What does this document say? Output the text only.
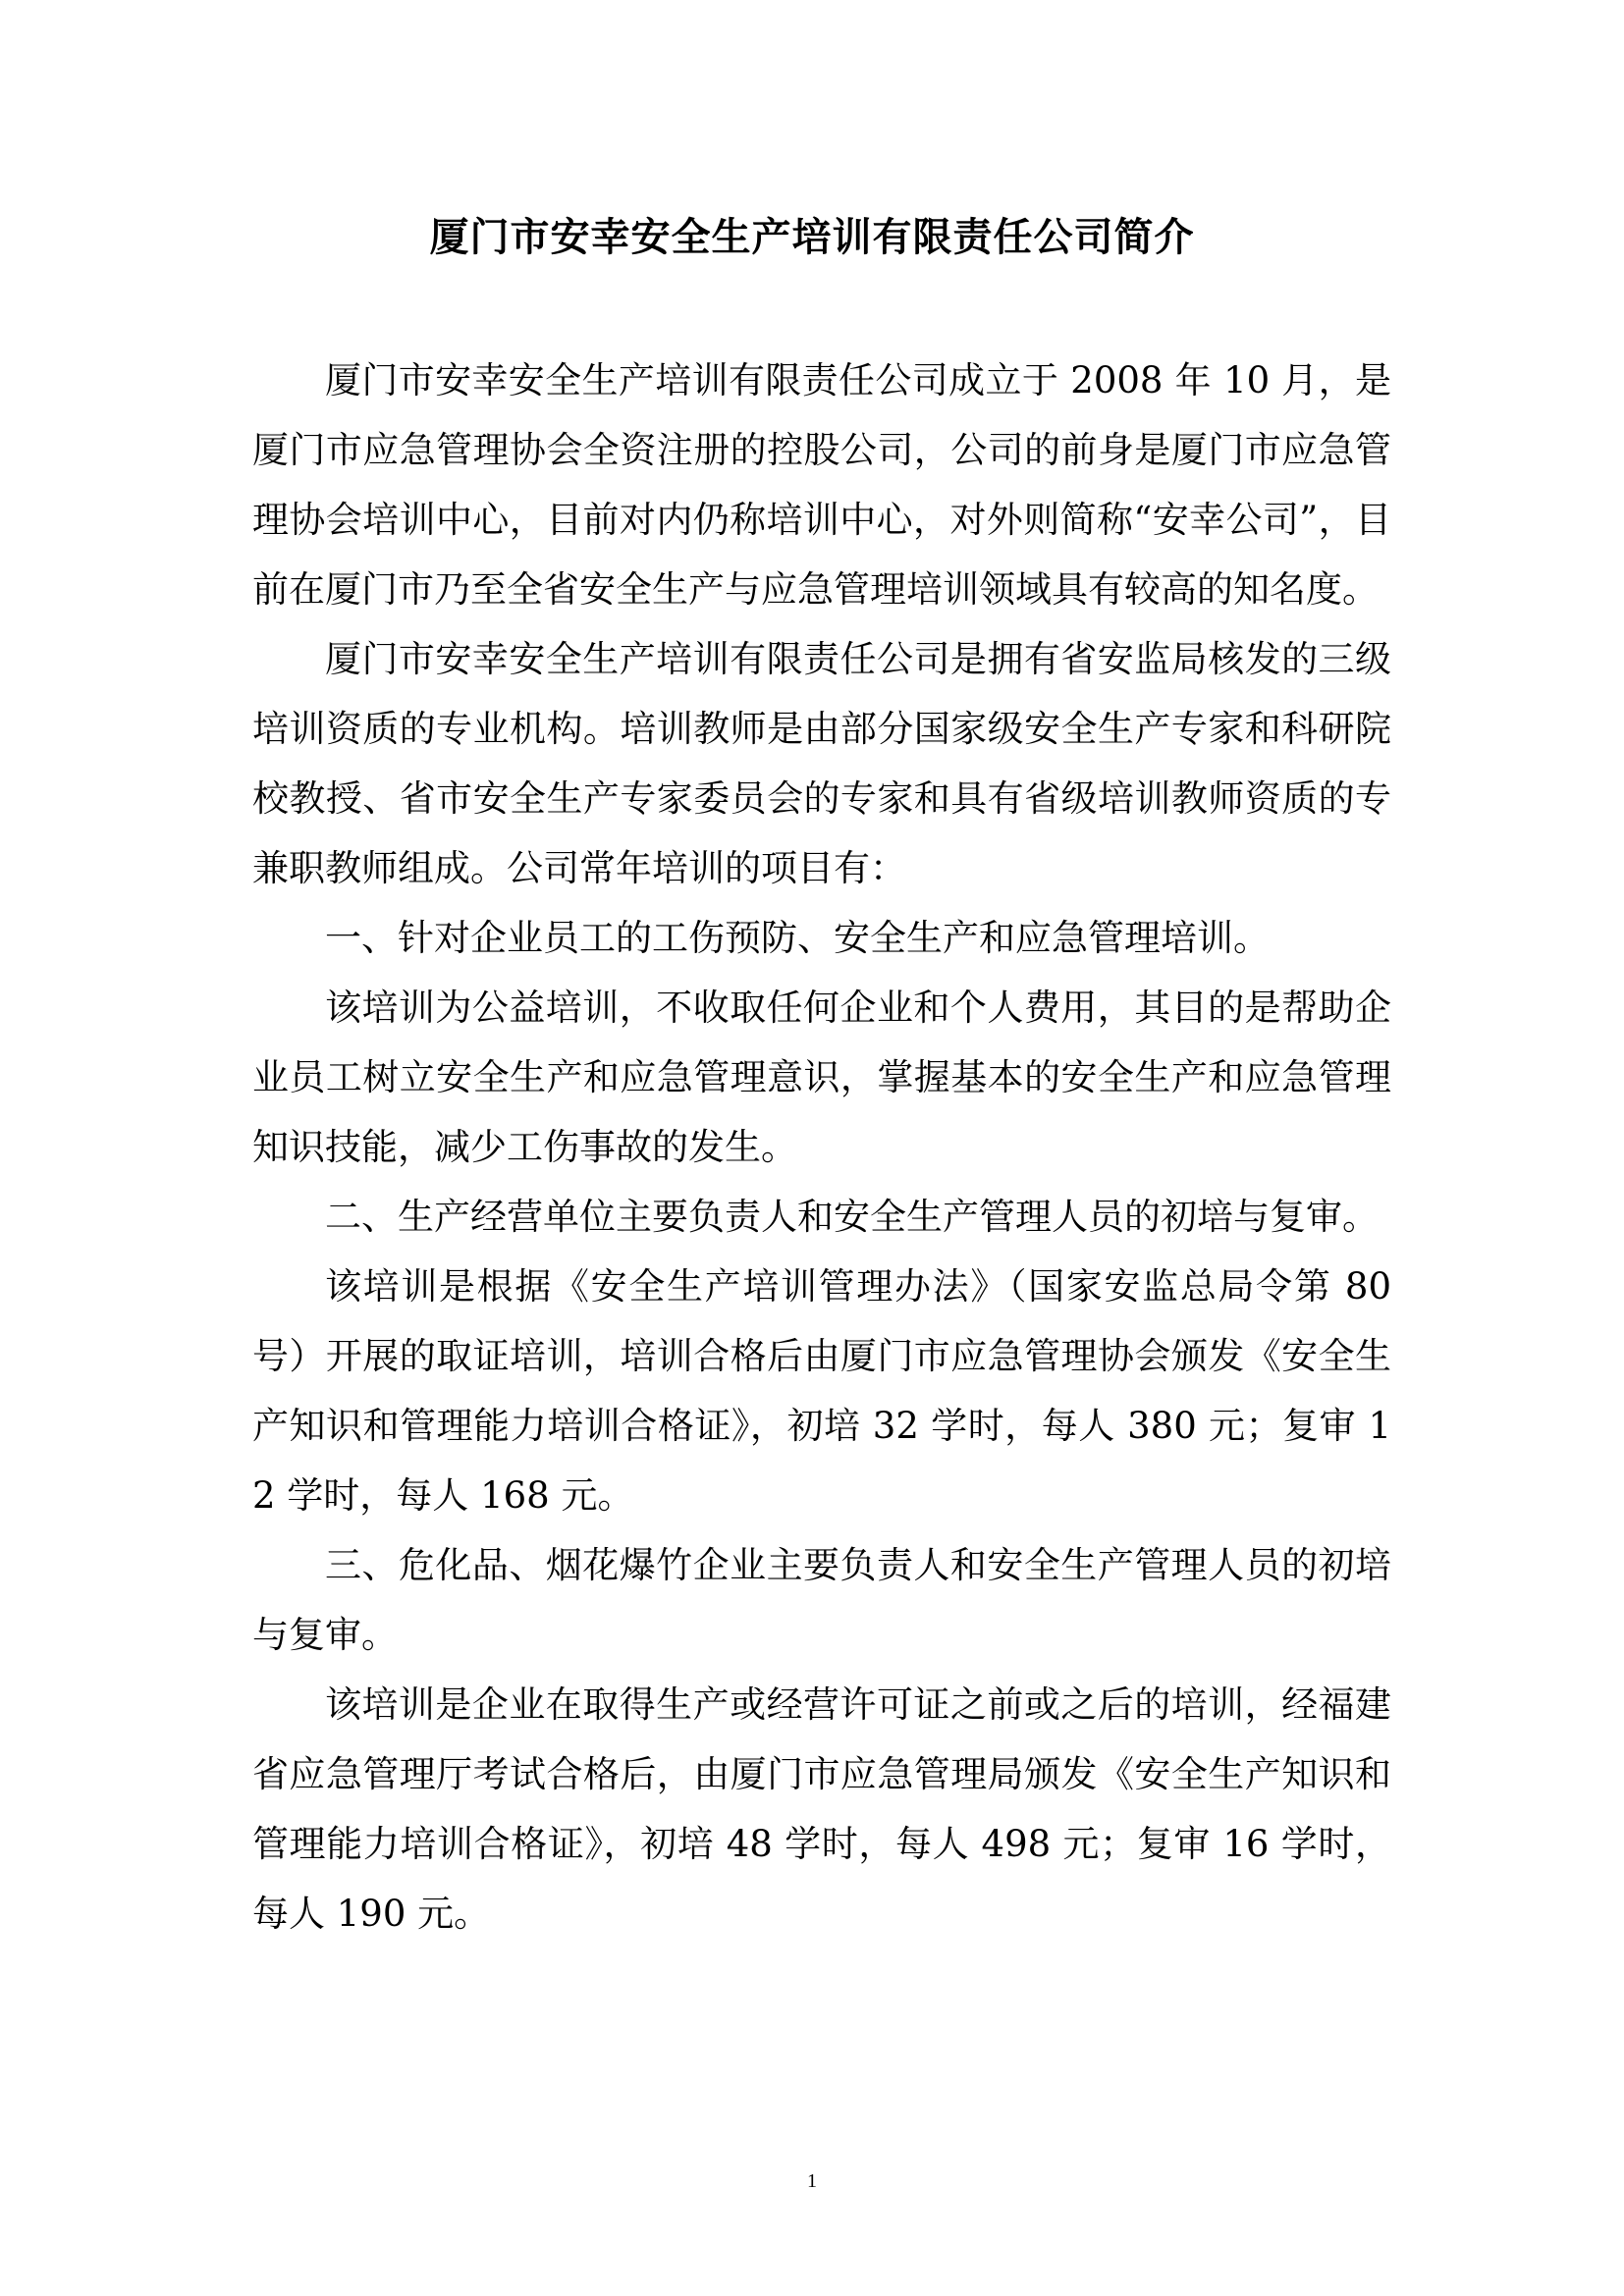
厦门市安幸安全生产培训有限责任公司简介

厦门市安幸安全生产培训有限责任公司成立于 2008 年 10 月，是厦门市应急管理协会全资注册的控股公司，公司的前身是厦门市应急管理协会培训中心，目前对内仍称培训中心，对外则简称“安幸公司”，目前在厦门市乃至全省安全生产与应急管理培训领域具有较高的知名度。

厦门市安幸安全生产培训有限责任公司是拥有省安监局核发的三级培训资质的专业机构。培训教师是由部分国家级安全生产专家和科研院校教授、省市安全生产专家委员会的专家和具有省级培训教师资质的专兼职教师组成。公司常年培训的项目有：

一、针对企业员工的工伤预防、安全生产和应急管理培训。

该培训为公益培训，不收取任何企业和个人费用，其目的是帮助企业员工树立安全生产和应急管理意识，掌握基本的安全生产和应急管理知识技能，减少工伤事故的发生。

二、生产经营单位主要负责人和安全生产管理人员的初培与复审。

该培训是根据《安全生产培训管理办法》（国家安监总局令第 80 号）开展的取证培训，培训合格后由厦门市应急管理协会颁发《安全生产知识和管理能力培训合格证》，初培 32 学时，每人 380 元；复审 12 学时，每人 168 元。

三、危化品、烟花爆竹企业主要负责人和安全生产管理人员的初培与复审。

该培训是企业在取得生产或经营许可证之前或之后的培训，经福建省应急管理厅考试合格后，由厦门市应急管理局颁发《安全生产知识和管理能力培训合格证》，初培 48 学时，每人 498 元；复审 16 学时，每人 190 元。

1
